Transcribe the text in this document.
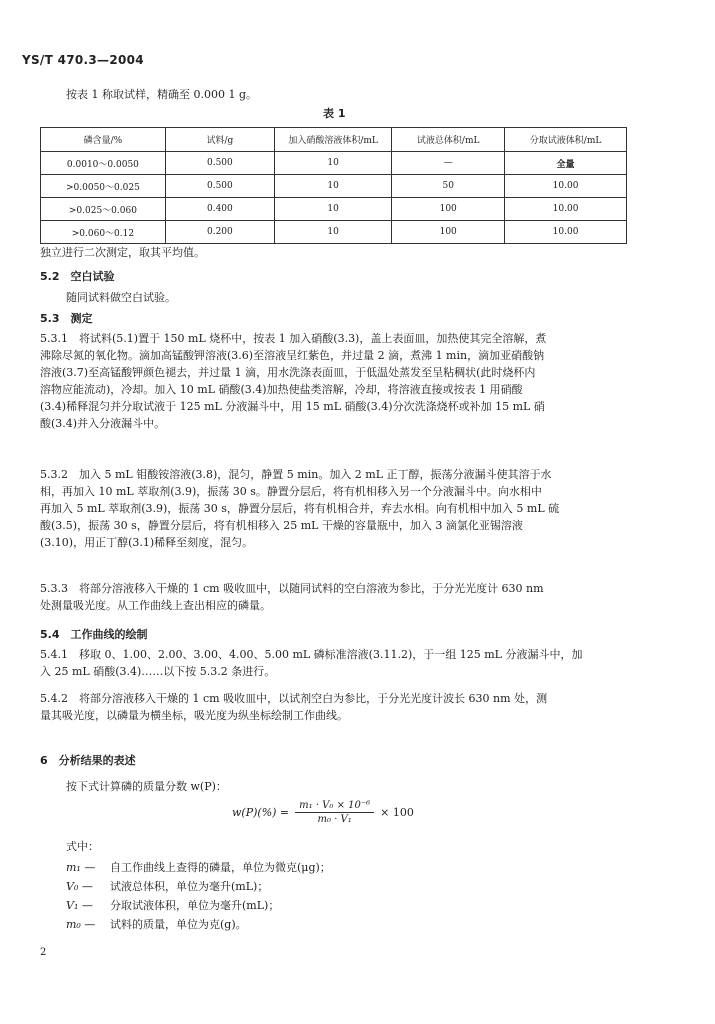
YS/T 470.3—2004
按表 1 称取试样，精确至 0.000 1 g。
表 1
磷含量/%	试料/g	加入硝酸溶液体积/mL	试液总体积/mL	分取试液体积/mL
0.0010～0.0050	0.500	10	—	全量
>0.0050～0.025	0.500	10	50	10.00
>0.025～0.060	0.400	10	100	10.00
>0.060～0.12	0.200	10	100	10.00
独立进行二次测定，取其平均值。
5.2　 空白试验
随同试料做空白试验。
5.3　 测定
5.3.1　将试料(5.1)置于 150 mL 烧杯中，按表 1 加入硝酸(3.3)，盖上表面皿，加热使其完全溶解，煮
沸除尽氮的氧化物。滴加高锰酸钾溶液(3.6)至溶液呈红紫色，并过量 2 滴，煮沸 1 min，滴加亚硝酸钠
溶液(3.7)至高锰酸钾颜色褪去，并过量 1 滴，用水洗涤表面皿，于低温处蒸发至呈粘稠状(此时烧杯内
溶物应能流动)，冷却。加入 10 mL 硝酸(3.4)加热使盐类溶解，冷却，将溶液直接或按表 1 用硝酸
(3.4)稀释混匀并分取试液于 125 mL 分液漏斗中，用 15 mL 硝酸(3.4)分次洗涤烧杯或补加 15 mL 硝
酸(3.4)并入分液漏斗中。
5.3.2　加入 5 mL 钼酸铵溶液(3.8)，混匀，静置 5 min。加入 2 mL 正丁醇，振荡分液漏斗使其溶于水
相，再加入 10 mL 萃取剂(3.9)，振荡 30 s。静置分层后，将有机相移入另一个分液漏斗中。向水相中
再加入 5 mL 萃取剂(3.9)，振荡 30 s，静置分层后，将有机相合并，弃去水相。向有机相中加入 5 mL 硫
酸(3.5)，振荡 30 s，静置分层后，将有机相移入 25 mL 干燥的容量瓶中，加入 3 滴氯化亚锡溶液
(3.10)，用正丁醇(3.1)稀释至刻度，混匀。
5.3.3　将部分溶液移入干燥的 1 cm 吸收皿中，以随同试料的空白溶液为参比，于分光光度计 630 nm
处测量吸光度。从工作曲线上查出相应的磷量。
5.4　 工作曲线的绘制
5.4.1　移取 0、1.00、2.00、3.00、4.00、5.00 mL 磷标准溶液(3.11.2)，于一组 125 mL 分液漏斗中，加
入 25 mL 硝酸(3.4)……以下按 5.3.2 条进行。
5.4.2　将部分溶液移入干燥的 1 cm 吸收皿中，以试剂空白为参比，于分光光度计波长 630 nm 处，测
量其吸光度，以磷量为横坐标，吸光度为纵坐标绘制工作曲线。
6　 分析结果的表述
按下式计算磷的质量分数 w(P)：
$w(P)(\%) = \frac{\text{m₁ · V₀ × 10⁻⁶}}{\text{m₀ · V₁}} \times 100$
式中：
m₁ — 自工作曲线上查得的磷量，单位为微克(μg)；
V₀ — 试液总体积，单位为毫升(mL)；
V₁ — 分取试液体积，单位为毫升(mL)；
m₀ — 试料的质量，单位为克(g)。
2
